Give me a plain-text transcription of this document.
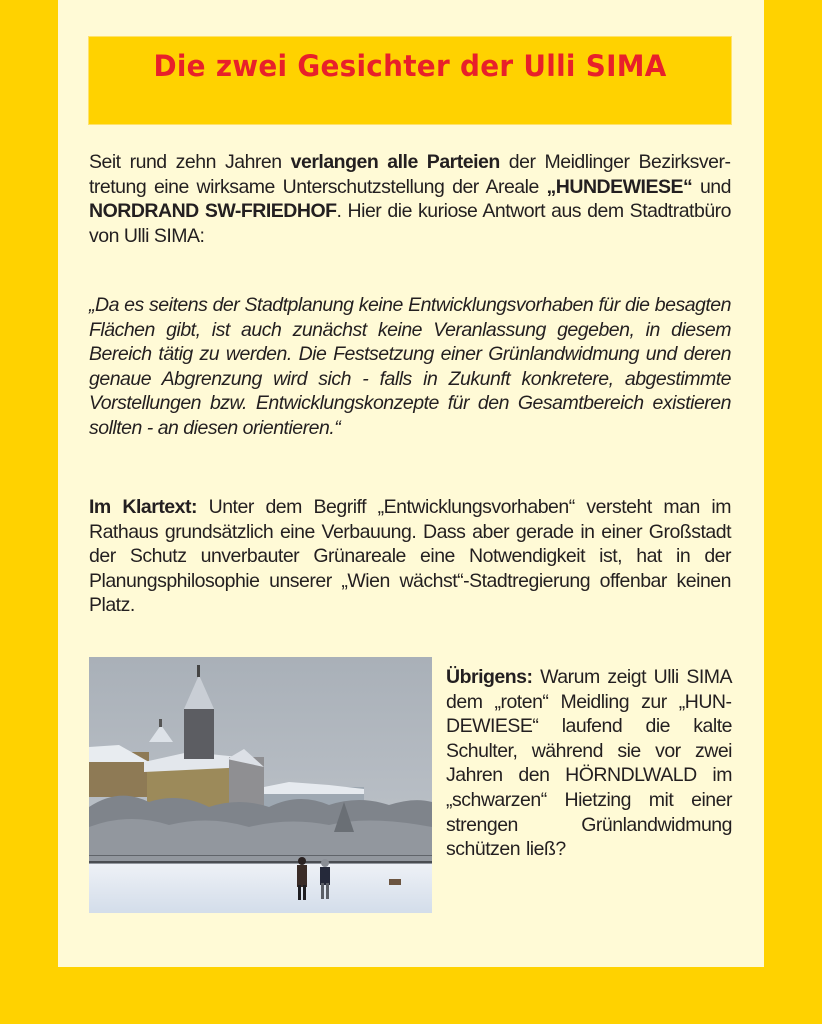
Die zwei Gesichter der Ulli SIMA
Seit rund zehn Jahren verlangen alle Parteien der Meidlinger Bezirksvertretung eine wirksame Unterschutzstellung der Areale „HUNDEWIESE“ und NORDRAND SW-FRIEDHOF. Hier die kuriose Antwort aus dem Stadtratbüro von Ulli SIMA:
„Da es seitens der Stadtplanung keine Entwicklungsvorhaben für die besagten Flächen gibt, ist auch zunächst keine Veranlassung gegeben, in diesem Bereich tätig zu werden. Die Festsetzung einer Grünlandwidmung und deren genaue Abgrenzung wird sich - falls in Zukunft konkretere, abgestimmte Vorstellungen bzw. Entwicklungskonzepte für den Gesamtbereich existieren sollten - an diesen orientieren.“
Im Klartext: Unter dem Begriff „Entwicklungsvorhaben“ versteht man im Rathaus grundsätzlich eine Verbauung. Dass aber gerade in einer Großstadt der Schutz unverbauter Grünareale eine Notwendigkeit ist, hat in der Planungsphilosophie unserer „Wien wächst“-Stadtregierung offenbar keinen Platz.
Übrigens: Warum zeigt Ulli SIMA dem „roten“ Meidling zur „HUNDEWIESE“ laufend die kalte Schulter, während sie vor zwei Jahren den HÖRNDLWALD im „schwarzen“ Hietzing mit einer strengen Grünlandwidmung schützen ließ?
